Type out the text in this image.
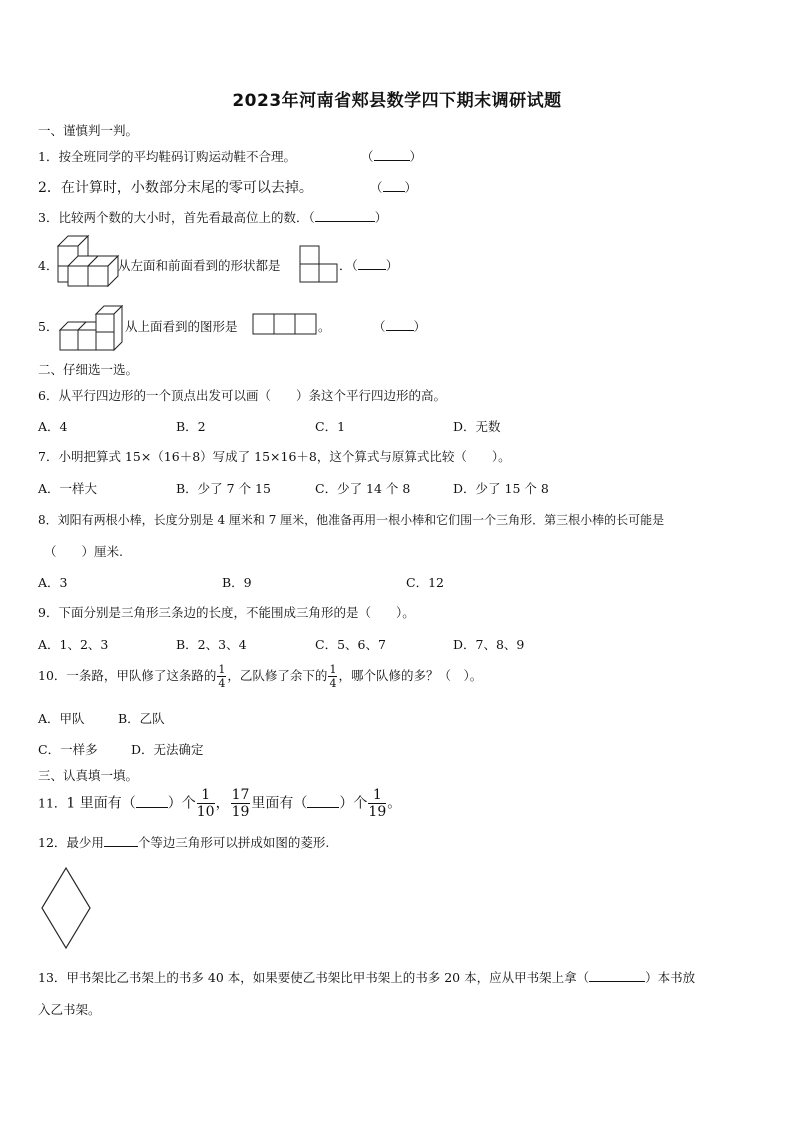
2023年河南省郏县数学四下期末调研试题
一、谨慎判一判。
1．按全班同学的平均鞋码订购运动鞋不合理。	（	）
2．在计算时，小数部分末尾的零可以去掉。	（ ）
3．比较两个数的大小时，首先看最高位上的数．（	）
4．	从左面和前面看到的形状都是	．（ ）
5．	从上面看到的图形是	。	（ ）
二、仔细选一选。
6．从平行四边形的一个顶点出发可以画（　　）条这个平行四边形的高。
A．4	B．2	C．1	D．无数
7．小明把算式 15×（16＋8）写成了 15×16＋8，这个算式与原算式比较（　　）。
A．一样大	B．少了 7 个 15	C．少了 14 个 8	D．少了 15 个 8
8．刘阳有两根小棒，长度分别是 4 厘米和 7 厘米，他准备再用一根小棒和它们围一个三角形．第三根小棒的长可能是
（　　）厘米.
A．3	B．9	C．12
9．下面分别是三角形三条边的长度，不能围成三角形的是（　　）。
A．1、2、3	B．2、3、4	C．5、6、7	D．7、8、9
10．一条路，甲队修了这条路的 $\frac{1}{4}$ ，乙队修了余下的 $\frac{1}{4}$ ，哪个队修的多？（　）。
A．甲队	B．乙队
C．一样多	D．无法确定
三、认真填一填。
11．1 里面有（ ）个 $\frac{1}{10}$ ， $\frac{17}{19}$ 里面有（ ）个 $\frac{1}{19}$ 。
12．最少用	个等边三角形可以拼成如图的菱形.
13．甲书架比乙书架上的书多 40 本，如果要使乙书架比甲书架上的书多 20 本，应从甲书架上拿（	）本书放
入乙书架。
